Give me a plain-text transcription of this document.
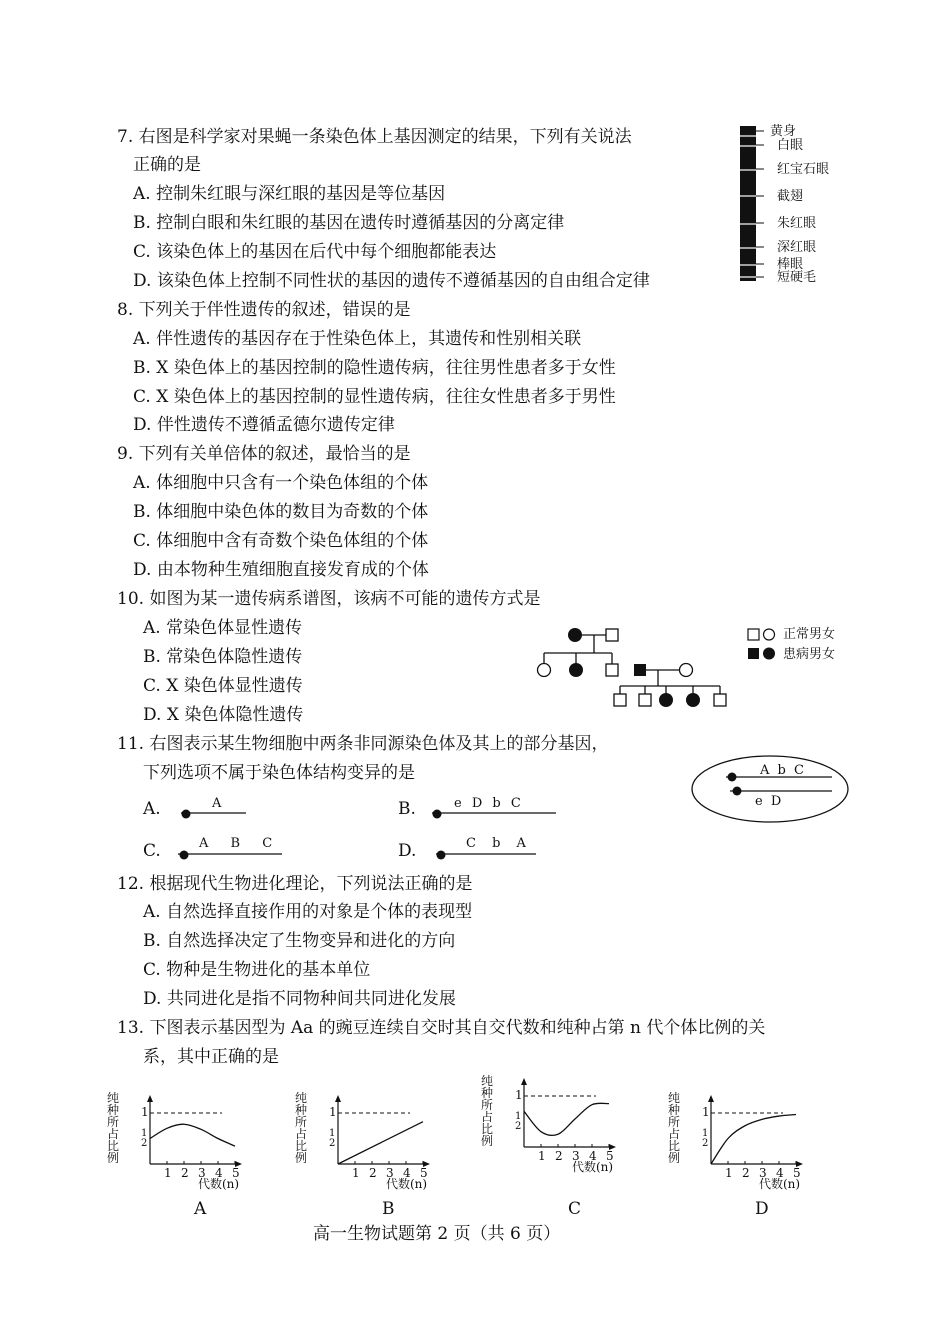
7. 右图是科学家对果蝇一条染色体上基因测定的结果，下列有关说法
正确的是
A. 控制朱红眼与深红眼的基因是等位基因
B. 控制白眼和朱红眼的基因在遗传时遵循基因的分离定律
C. 该染色体上的基因在后代中每个细胞都能表达
D. 该染色体上控制不同性状的基因的遗传不遵循基因的自由组合定律
黄身
白眼
红宝石眼
截翅
朱红眼
深红眼
棒眼
短硬毛
8. 下列关于伴性遗传的叙述，错误的是
A. 伴性遗传的基因存在于性染色体上，其遗传和性别相关联
B. X 染色体上的基因控制的隐性遗传病，往往男性患者多于女性
C. X 染色体上的基因控制的显性遗传病，往往女性患者多于男性
D. 伴性遗传不遵循孟德尔遗传定律
9. 下列有关单倍体的叙述，最恰当的是
A. 体细胞中只含有一个染色体组的个体
B. 体细胞中染色体的数目为奇数的个体
C. 体细胞中含有奇数个染色体组的个体
D. 由本物种生殖细胞直接发育成的个体
10. 如图为某一遗传病系谱图，该病不可能的遗传方式是
A. 常染色体显性遗传
B. 常染色体隐性遗传
C. X 染色体显性遗传
D. X 染色体隐性遗传
正常男女
患病男女
11. 右图表示某生物细胞中两条非同源染色体及其上的部分基因，
下列选项不属于染色体结构变异的是	A b C
e D
A.	A	B.	e D b C
C.	A B C	D.	C b A
12. 根据现代生物进化理论，下列说法正确的是
A. 自然选择直接作用的对象是个体的表现型
B. 自然选择决定了生物变异和进化的方向
C. 物种是生物进化的基本单位
D. 共同进化是指不同物种间共同进化发展
13. 下图表示基因型为 Aa 的豌豆连续自交时其自交代数和纯种占第 n 代个体比例的关
系，其中正确的是
纯种所占比例
1
1
2
1 2 3 4 5
代数(n)
A
纯种所占比例
1
1
2
1 2 3 4 5
代数(n)
B
纯种所占比例
1
1
2
1 2 3 4 5
代数(n)
C
纯种所占比例
1
1
2
1 2 3 4 5
代数(n)
D
高一生物试题第 2 页（共 6 页）
